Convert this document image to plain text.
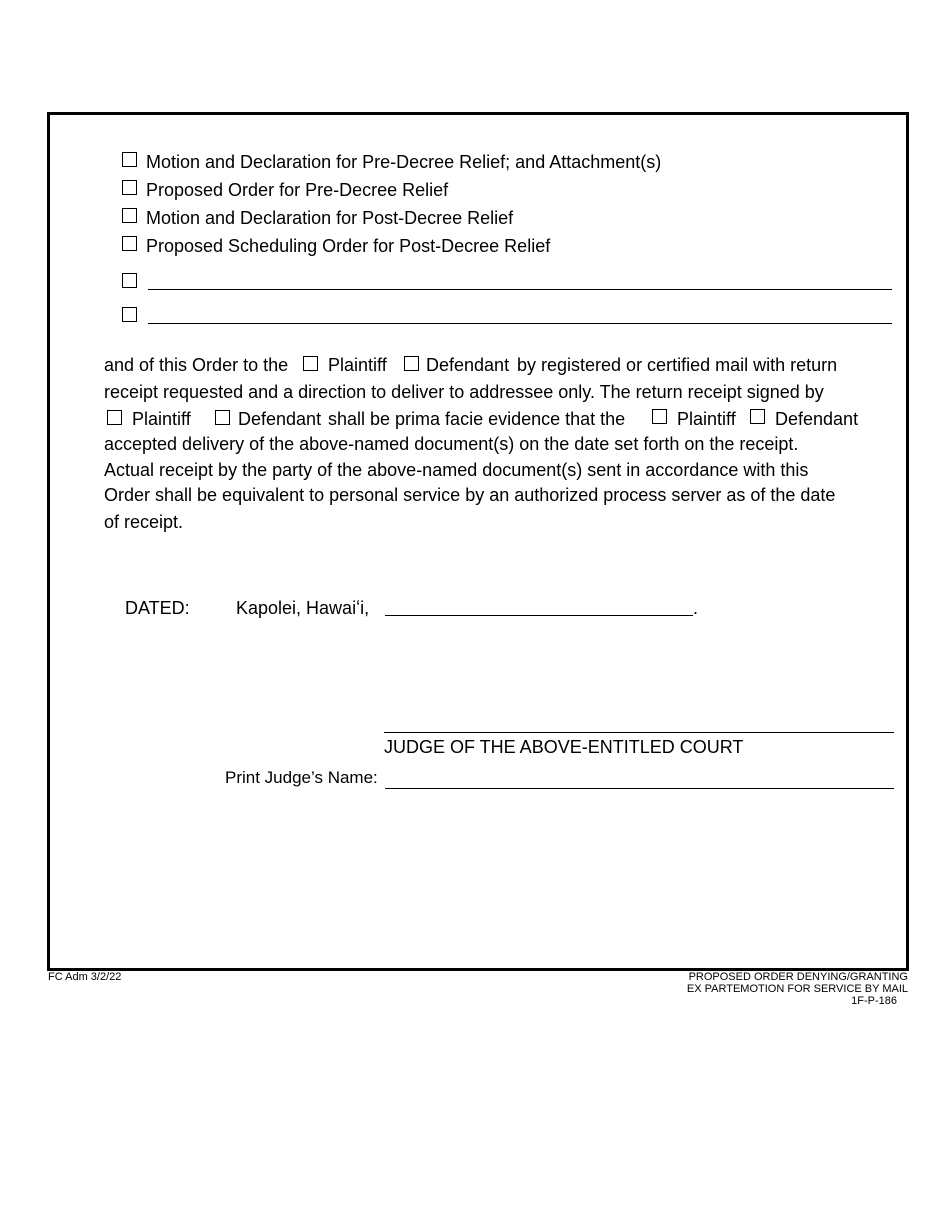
Motion and Declaration for Pre-Decree Relief; and Attachment(s)
Proposed Order for Pre-Decree Relief
Motion and Declaration for Post-Decree Relief
Proposed Scheduling Order for Post-Decree Relief
and of this Order to the Plaintiff Defendant by registered or certified mail with return
receipt requested and a direction to deliver to addressee only. The return receipt signed by
Plaintiff	Defendant shall be prima facie evidence that the	Plaintiff Defendant
accepted delivery of the above-named document(s) on the date set forth on the receipt.
Actual receipt by the party of the above-named document(s) sent in accordance with this
Order shall be equivalent to personal service by an authorized process server as of the date
of receipt.
DATED:	Kapolei, Hawaiʻi,	.
JUDGE OF THE ABOVE-ENTITLED COURT
Print Judge’s Name:
FC Adm 3/2/22	PROPOSED ORDER DENYING/GRANTING
EX PARTEMOTION FOR SERVICE BY MAIL
1F-P-186
